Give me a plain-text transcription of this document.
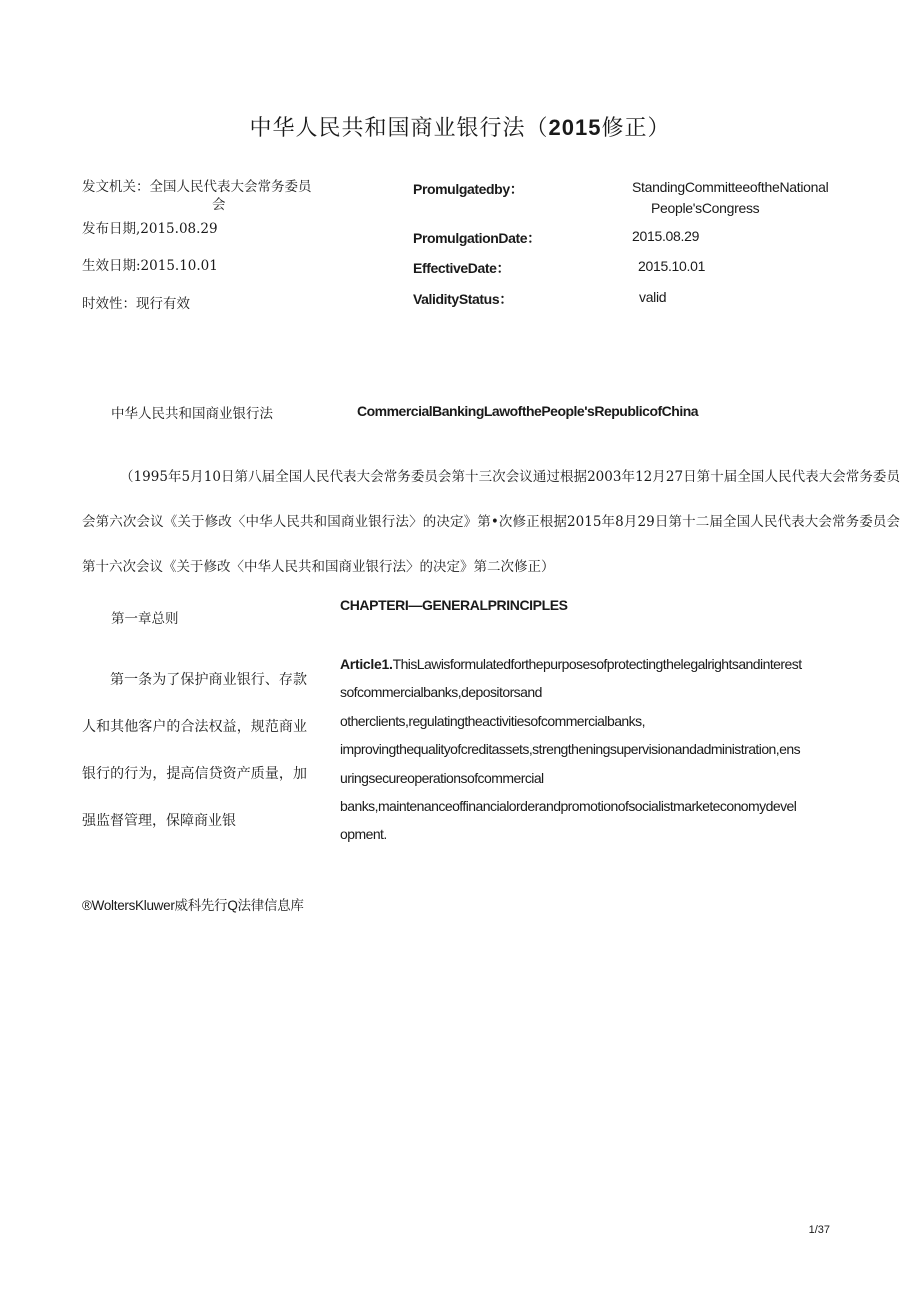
中华人民共和国商业银行法（2015修正）
发文机关：全国人民代表大会常务委员
会
发布日期,2015.08.29
生效日期:2015.10.01
时效性：现行有效
Promulgatedby：	StandingCommitteeoftheNational
People'sCongress
PromulgationDate：	2015.08.29
EffectiveDate：	2015.10.01
ValidityStatus：	valid
中华人民共和国商业银行法	CommercialBankingLawofthePeople'sRepublicofChina
（1995年5月10日第八届全国人民代表大会常务委员会第十三次会议通过根据2003年12月27日第十届全国人民代表大会常务委员会第六次会议《关于修改〈中华人民共和国商业银行法〉的决定》第•次修正根据2015年8月29日第十二届全国人民代表大会常务委员会第十六次会议《关于修改〈中华人民共和国商业银行法〉的决定》第二次修正）
第一章总则
CHAPTERI—GENERALPRINCIPLES
第一条为了保护商业银行、存款人和其他客户的合法权益，规范商业银行的行为，提高信贷资产质量，加强监督管理，保障商业银
Article1.ThisLawisformulatedforthepurposesofprotectingthelegalrightsandinterest
sofcommercialbanks,depositorsand
otherclients,regulatingtheactivitiesofcommercialbanks,
improvingthequalityofcreditassets,strengtheningsupervisionandadministration,ens
uringsecureoperationsofcommercial
banks,maintenanceoffinancialorderandpromotionofsocialistmarketeconomydevel
opment.
®WoltersKluwer威科先行Q法律信息库
1/37
